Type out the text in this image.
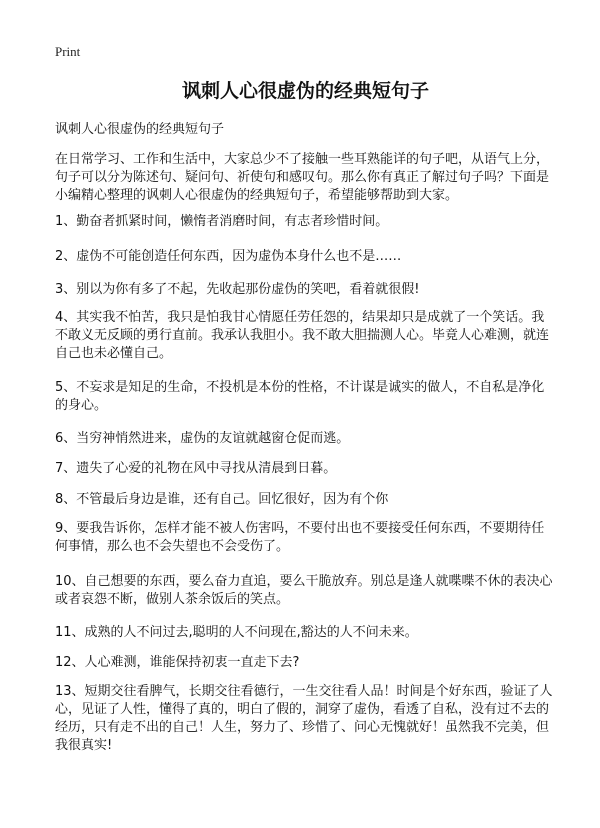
Print
讽刺人心很虚伪的经典短句子
讽刺人心很虚伪的经典短句子
在日常学习、工作和生活中，大家总少不了接触一些耳熟能详的句子吧，从语气上分，句子可以分为陈述句、疑问句、祈使句和感叹句。那么你有真正了解过句子吗？下面是小编精心整理的讽刺人心很虚伪的经典短句子，希望能够帮助到大家。
1、勤奋者抓紧时间，懒惰者消磨时间，有志者珍惜时间。
2、虚伪不可能创造任何东西，因为虚伪本身什么也不是……
3、别以为你有多了不起，先收起那份虚伪的笑吧，看着就很假!
4、其实我不怕苦，我只是怕我甘心情愿任劳任怨的，结果却只是成就了一个笑话。我不敢义无反顾的勇行直前。我承认我胆小。我不敢大胆揣测人心。毕竟人心难测，就连自己也未必懂自己。
5、不妄求是知足的生命，不投机是本份的性格，不计谋是诚实的做人，不自私是净化的身心。
6、当穷神悄然进来，虚伪的友谊就越窗仓促而逃。
7、遗失了心爱的礼物在风中寻找从清晨到日暮。
8、不管最后身边是谁，还有自己。回忆很好，因为有个你
9、要我告诉你，怎样才能不被人伤害吗，不要付出也不要接受任何东西，不要期待任何事情，那么也不会失望也不会受伤了。
10、自己想要的东西，要么奋力直追，要么干脆放弃。别总是逢人就喋喋不休的表决心或者哀怨不断，做别人茶余饭后的笑点。
11、成熟的人不问过去,聪明的人不问现在,豁达的人不问未来。
12、人心难测，谁能保持初衷一直走下去?
13、短期交往看脾气，长期交往看德行，一生交往看人品！时间是个好东西，验证了人心，见证了人性，懂得了真的，明白了假的，洞穿了虚伪，看透了自私，没有过不去的经历，只有走不出的自己！人生，努力了、珍惜了、问心无愧就好！虽然我不完美，但我很真实!
